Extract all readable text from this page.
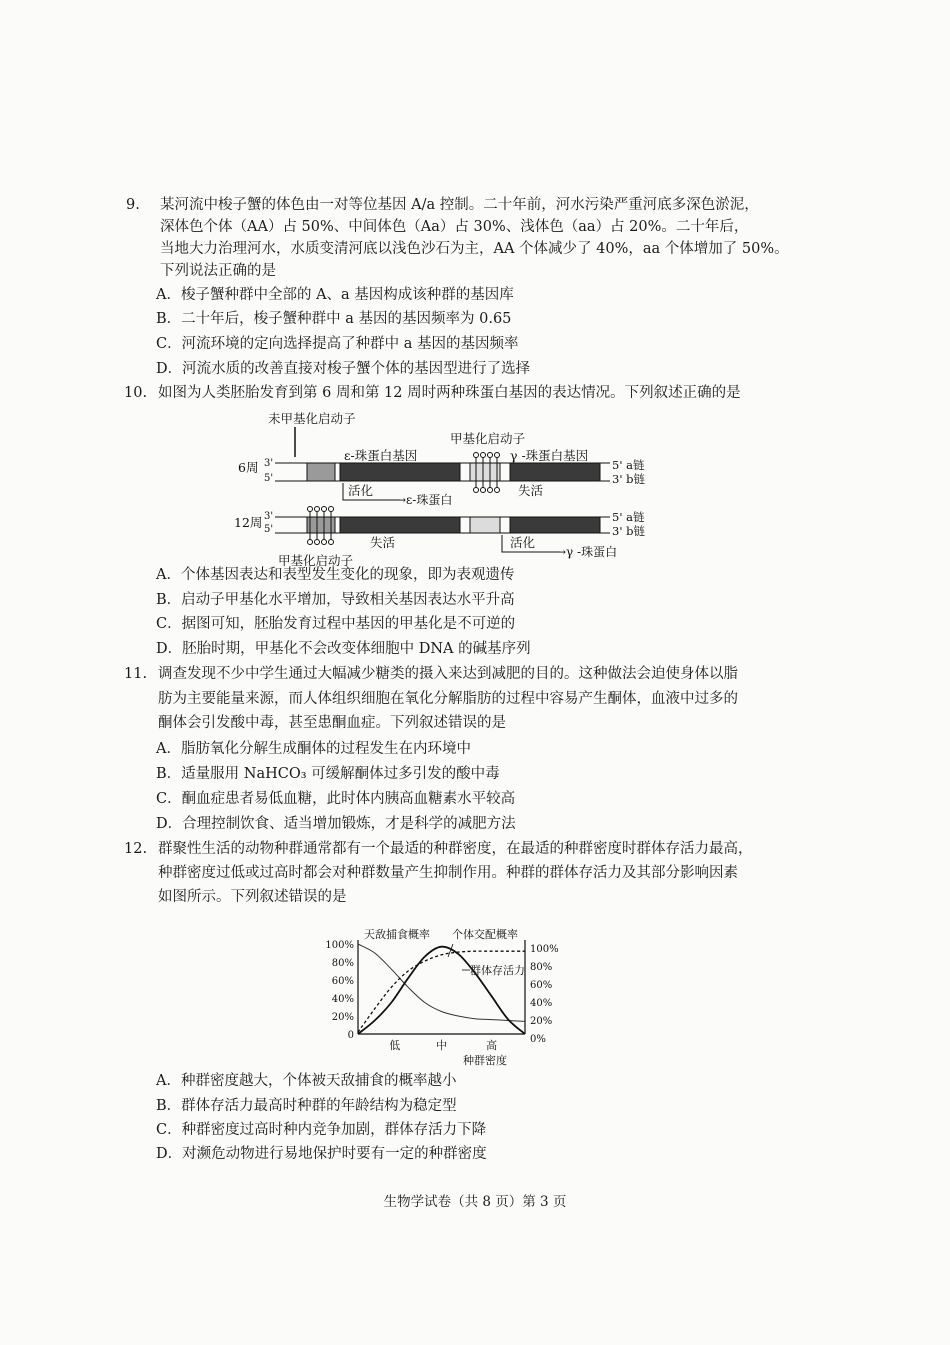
9. 某河流中梭子蟹的体色由一对等位基因 A/a 控制。二十年前，河水污染严重河底多深色淤泥，
深体色个体（AA）占 50%、中间体色（Aa）占 30%、浅体色（aa）占 20%。二十年后，
当地大力治理河水，水质变清河底以浅色沙石为主，AA 个体减少了 40%，aa 个体增加了 50%。
下列说法正确的是
A．梭子蟹种群中全部的 A、a 基因构成该种群的基因库
B．二十年后，梭子蟹种群中 a 基因的基因频率为 0.65
C．河流环境的定向选择提高了种群中 a 基因的基因频率
D．河流水质的改善直接对梭子蟹个体的基因型进行了选择
10. 如图为人类胚胎发育到第 6 周和第 12 周时两种珠蛋白基因的表达情况。下列叙述正确的是
未甲基化启动子
甲基化启动子
ε-珠蛋白基因	γ -珠蛋白基因
6周 3'
5'
5' a链
3' b链
活化
→ε-珠蛋白
失活
12周 3'
5'
5' a链
3' b链
失活	活化
→γ -珠蛋白
甲基化启动子
A．个体基因表达和表型发生变化的现象，即为表观遗传
B．启动子甲基化水平增加，导致相关基因表达水平升高
C．据图可知，胚胎发育过程中基因的甲基化是不可逆的
D．胚胎时期，甲基化不会改变体细胞中 DNA 的碱基序列
11. 调查发现不少中学生通过大幅减少糖类的摄入来达到减肥的目的。这种做法会迫使身体以脂
肪为主要能量来源，而人体组织细胞在氧化分解脂肪的过程中容易产生酮体，血液中过多的
酮体会引发酸中毒，甚至患酮血症。下列叙述错误的是
A．脂肪氧化分解生成酮体的过程发生在内环境中
B．适量服用 NaHCO₃ 可缓解酮体过多引发的酸中毒
C．酮血症患者易低血糖，此时体内胰高血糖素水平较高
D．合理控制饮食、适当增加锻炼，才是科学的减肥方法
12. 群聚性生活的动物种群通常都有一个最适的种群密度，在最适的种群密度时群体存活力最高，
种群密度过低或过高时都会对种群数量产生抑制作用。种群的群体存活力及其部分影响因素
如图所示。下列叙述错误的是
100%
80%
60%
40%
20%
0
100%
80%
60%
40%
20%
0%
低	中	高
种群密度
天敌捕食概率 个体交配概率
群体存活力
A．种群密度越大，个体被天敌捕食的概率越小
B．群体存活力最高时种群的年龄结构为稳定型
C．种群密度过高时种内竞争加剧，群体存活力下降
D．对濒危动物进行易地保护时要有一定的种群密度
生物学试卷（共 8 页）第 3 页
